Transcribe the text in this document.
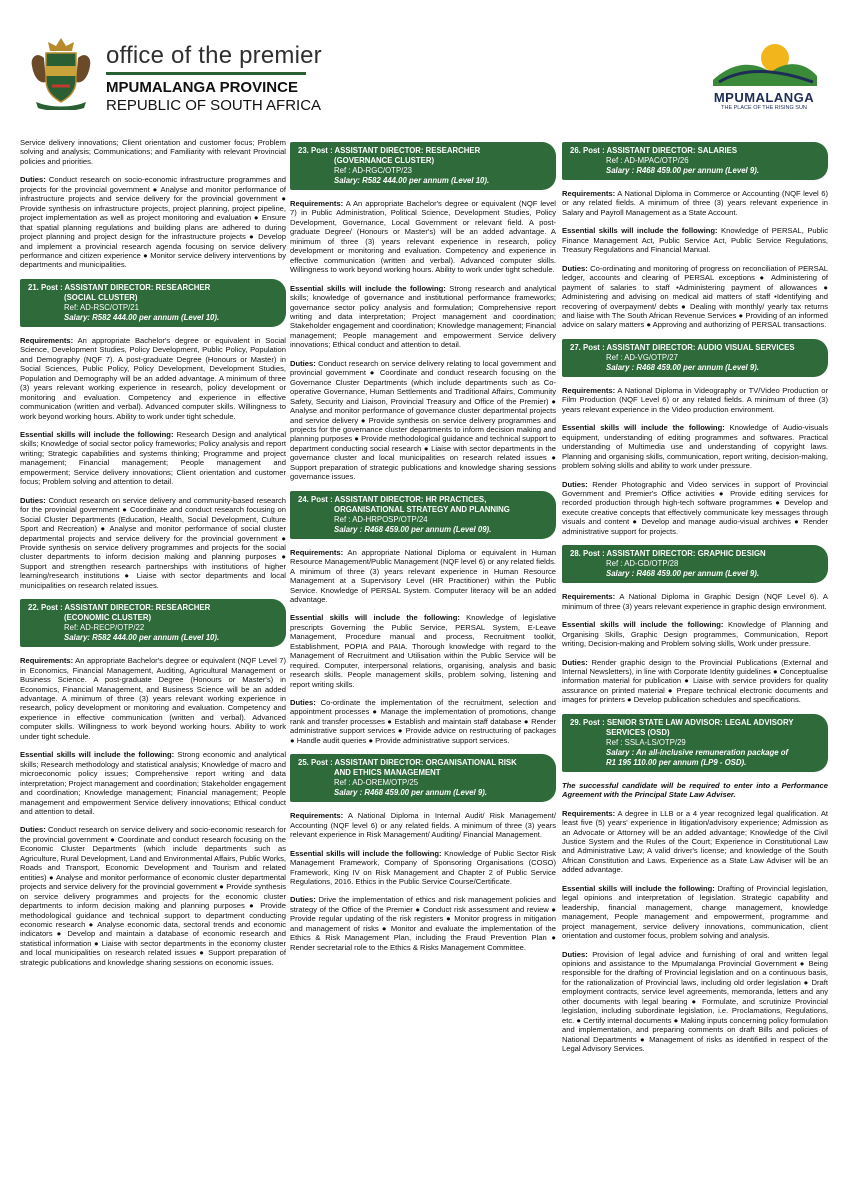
office of the premier
MPUMALANGA PROVINCE
REPUBLIC OF SOUTH AFRICA	MPUMALANGA
THE PLACE OF THE RISING SUN

Service delivery innovations; Client orientation and customer focus; Problem solving and analysis; Communications; and Familiarity with relevant Provincial policies and priorities.

Duties: Conduct research on socio-economic infrastructure programmes and projects for the provincial government ● Analyse and monitor performance of infrastructure projects and service delivery for the provincial government ● Provide synthesis on infrastructure projects, project planning, project pipeline, project implementation as well as project monitoring and evaluation ● Ensure that spatial planning regulations and building plans are adhered to during project planning and project design for the infrastructure projects ● Develop and implement a provincial research agenda focusing on service delivery performance and citizen experience ● Monitor service delivery interventions by departments and municipalities.

21. Post : ASSISTANT DIRECTOR: RESEARCHER
(SOCIAL CLUSTER)
Ref: AD-RSC/OTP/21
Salary: R582 444.00 per annum (Level 10).

Requirements: An appropriate Bachelor's degree or equivalent in Social Science, Development Studies, Policy Development, Public Policy, Population and Demography (NQF 7). A post-graduate Degree (Honours or Master) in Social Sciences, Public Policy, Policy Development, Development Studies, Population and Demography will be an added advantage. A minimum of three (3) years relevant working experience in research, policy development or monitoring and evaluation. Competency and experience in effective communication (written and verbal). Advanced computer skills. Willingness to work beyond working hours. Ability to work under tight schedule.

Essential skills will include the following: Research Design and analytical skills; Knowledge of social sector policy frameworks; Policy analysis and report writing; Strategic capabilities and systems thinking; Programme and project management; Financial management; People management and empowerment; Service delivery innovations; Client orientation and customer focus; Problem solving and attention to detail.

Duties: Conduct research on service delivery and community-based research for the provincial government ● Coordinate and conduct research focusing on Social Cluster Departments (Education, Health, Social Development, Culture Sport and Recreation) ● Analyse and monitor performance of social cluster departmental projects and service delivery for the provincial government ● Provide synthesis on service delivery programmes and projects for the social cluster departments to inform decision making and planning purposes ● Support and strengthen research partnerships with institutions of higher learning/research institutions ● Liaise with sector departments and local municipalities on research related issues.

22. Post : ASSISTANT DIRECTOR: RESEARCHER
(ECONOMIC CLUSTER)
Ref: AD-RECP/OTP/22
Salary: R582 444.00 per annum (Level 10).

Requirements: An appropriate Bachelor's degree or equivalent (NQF Level 7) in Economics, Financial Management, Auditing, Agricultural Management or Business Science. A post-graduate Degree (Honours or Master's) in Economics, Financial Management, and Business Science will be an added advantage. A minimum of three (3) years relevant working experience in research, policy development or monitoring and evaluation. Competency and experience in effective communication (written and verbal). Advanced computer skills. Willingness to work beyond working hours. Ability to work under tight schedule.

Essential skills will include the following: Strong economic and analytical skills; Research methodology and statistical analysis; Knowledge of macro and microeconomic policy issues; Comprehensive report writing and data interpretation; Project management and coordination; Stakeholder engagement and coordination; Knowledge management; Financial management; People management and empowerment Service delivery innovations; Ethical conduct and attention to detail.

Duties: Conduct research on service delivery and socio-economic research for the provincial government ● Coordinate and conduct research focusing on the Economic Cluster Departments (which include departments such as Agriculture, Rural Development, Land and Environmental Affairs, Public Works, Roads and Transport, Economic Development and Tourism and related entities) ● Analyse and monitor performance of economic cluster departmental projects and service delivery for the provincial government ● Provide synthesis on service delivery programmes and projects for the economic cluster departments to inform decision making and planning purposes ● Provide methodological guidance and technical support to department conducting economic research ● Analyse economic data, sectoral trends and economic indicators ● Develop and maintain a database of economic research and statistical information ● Liaise with sector departments in the economy cluster and local municipalities on research related issues ● Support preparation of strategic publications and knowledge sharing sessions on economic issues.

23. Post : ASSISTANT DIRECTOR: RESEARCHER
(GOVERNANCE CLUSTER)
Ref : AD-RGC/OTP/23
Salary: R582 444.00 per annum (Level 10).

Requirements: A An appropriate Bachelor's degree or equivalent (NQF level 7) in Public Administration, Political Science, Development Studies, Policy Development, Governance, Local Government or relevant field. A post-graduate Degree/ (Honours or Master's) will be an added advantage. A minimum of three (3) years relevant experience in research, policy development or monitoring and evaluation. Competency and experience in effective communication (written and verbal). Advanced computer skills. Willingness to work beyond working hours. Ability to work under tight schedule.

Essential skills will include the following: Strong research and analytical skills; knowledge of governance and institutional performance frameworks; governance sector policy analysis and formulation; Comprehensive report writing and data interpretation; Project management and coordination; Stakeholder engagement and coordination; Knowledge management; Financial management; People management and empowerment Service delivery innovations; Ethical conduct and attention to detail.

Duties: Conduct research on service delivery relating to local government and provincial government ● Coordinate and conduct research focusing on the Governance Cluster Departments (which include departments such as Co-operative Governance, Human Settlements and Traditional Affairs, Community Safety, Security and Liaison, Provincial Treasury and Office of the Premier) ● Analyse and monitor performance of governance cluster departmental projects and service delivery ● Provide synthesis on service delivery programmes and projects for the governance cluster departments to inform decision making and planning purposes ● Provide methodological guidance and technical support to department conducting social research ● Liaise with sector departments in the governance cluster and local municipalities on research related issues ● Support preparation of strategic publications and knowledge sharing sessions governance issues.

24. Post : ASSISTANT DIRECTOR: HR PRACTICES,
ORGANISATIONAL STRATEGY AND PLANNING
Ref : AD-HRPOSP/OTP/24
Salary : R468 459.00 per annum (Level 09).

Requirements: An appropriate National Diploma or equivalent in Human Resource Management/Public Management (NQF level 6) or any related fields. A minimum of three (3) years relevant experience in Human Resource Management at a Supervisory Level (HR Practitioner) within the Public Service. Knowledge of PERSAL System. Computer literacy will be an added advantage.

Essential skills will include the following: Knowledge of legislative prescripts Governing the Public Service, PERSAL System, E-Leave Management, Procedure manual and process, Recruitment toolkit, Establishment, POPIA and PAIA. Thorough knowledge with regard to the Management of Recruitment and Utilisation within the Public Service will be required. Computer, interpersonal relations, organising, analysis and basic research skills. People management skills, problem solving, listening and report writing skills.

Duties: Co-ordinate the implementation of the recruitment, selection and appointment processes ● Manage the implementation of promotions, change rank and transfer processes ● Establish and maintain staff database ● Render administrative support services ● Provide advice on restructuring of packages ● Handle audit queries ● Provide administrative support services.

25. Post : ASSISTANT DIRECTOR: ORGANISATIONAL RISK
AND ETHICS MANAGEMENT
Ref : AD-OREM/OTP/25
Salary : R468 459.00 per annum (Level 9).

Requirements: A National Diploma in Internal Audit/ Risk Management/ Accounting (NQF level 6) or any related fields. A minimum of three (3) years relevant experience in Risk Management/ Auditing/ Financial Management.

Essential skills will include the following: Knowledge of Public Sector Risk Management Framework, Company of Sponsoring Organisations (COSO) Framework, King IV on Risk Management and Chapter 2 of Public Service Regulations, 2016. Ethics in the Public Service Course/Certificate.

Duties: Drive the implementation of ethics and risk management policies and strategy of the Office of the Premier ● Conduct risk assessment and review ● Provide regular updating of the risk registers ● Monitor progress in mitigation and management of risks ● Monitor and evaluate the implementation of the Ethics & Risk Management Plan, including the Fraud Prevention Plan ● Render secretarial role to the Ethics & Risks Management Committee.

26. Post : ASSISTANT DIRECTOR: SALARIES
Ref : AD-MPAC/OTP/26
Salary : R468 459.00 per annum (Level 9).

Requirements: A National Diploma in Commerce or Accounting (NQF level 6) or any related fields. A minimum of three (3) years relevant experience in Salary and Payroll Management as a State Account.

Essential skills will include the following: Knowledge of PERSAL, Public Finance Management Act, Public Service Act, Public Service Regulations, Treasury Regulations and Financial Manual.

Duties: Co-ordinating and monitoring of progress on reconciliation of PERSAL ledger, accounts and clearing of PERSAL exceptions ● Administering of payment of salaries to staff •Administering payment of allowances ● Administering and advising on medical aid matters of staff •Identifying and recovering of overpayment/ debts ● Dealing with monthly/ yearly tax returns and liaise with The South African Revenue Services ● Providing of an informed advice on salary matters ● Approving and authorizing of PERSAL transactions.

27. Post : ASSISTANT DIRECTOR: AUDIO VISUAL SERVICES
Ref : AD-VG/OTP/27
Salary : R468 459.00 per annum (Level 9).

Requirements: A National Diploma in Videography or TV/Video Production or Film Production (NQF Level 6) or any related fields. A minimum of three (3) years relevant experience in the Video production environment.

Essential skills will include the following: Knowledge of Audio-visuals equipment, understanding of editing programmes and softwares. Practical understanding of Multimedia use and understanding of copyright laws. Planning and organising skills, communication, report writing, decision-making, problem solving skills and ability to work under pressure.

Duties: Render Photographic and Video services in support of Provincial Government and Premier's Office activities ● Provide editing services for recorded production through high-tech software programmes ● Develop and execute creative concepts that effectively communicate key messages through visuals and content ● Develop and manage audio-visual archives ● Render administrative support for projects.

28. Post : ASSISTANT DIRECTOR: GRAPHIC DESIGN
Ref : AD-GD/OTP/28
Salary : R468 459.00 per annum (Level 9).

Requirements: A National Diploma in Graphic Design (NQF Level 6). A minimum of three (3) years relevant experience in graphic design environment.

Essential skills will include the following: Knowledge of Planning and Organising Skills, Graphic Design programmes, Communication, Report writing, Decision-making and Problem solving skills, Work under pressure.

Duties: Render graphic design to the Provincial Publications (External and Internal Newsletters), in line with Corporate Identity guidelines ● Conceptualise information material for publication ● Liaise with service providers for quality assurance on printed material ● Prepare technical electronic documents and images for printers ● Develop publication schedules and specifications.

29. Post : SENIOR STATE LAW ADVISOR: LEGAL ADVISORY
SERVICES (OSD)
Ref : SSLA-LS/OTP/29
Salary : An all-inclusive remuneration package of
R1 195 110.00 per annum (LP9 - OSD).

The successful candidate will be required to enter into a Performance Agreement with the Principal State Law Adviser.

Requirements: A degree in LLB or a 4 year recognized legal qualification. At least five (5) years' experience in litigation/advisory experience; Admission as an Advocate or Attorney will be an added advantage; Knowledge of the Civil Justice System and the Rules of the Court; Experience in Constitutional Law and Administrative Law; A valid driver's license; and knowledge of the South African Constitution and Laws. Experience as a State Law Adviser will be an added advantage.

Essential skills will include the following: Drafting of Provincial legislation, legal opinions and interpretation of legislation. Strategic capability and leadership, financial management, change management, knowledge management, People management and empowerment, programme and project management, service delivery innovations, communication, client orientation and customer focus, problem solving and analysis.

Duties: Provision of legal advice and furnishing of oral and written legal opinions and assistance to the Mpumalanga Provincial Government ● Being responsible for the drafting of Provincial legislation and on a continuous basis, for the rationalization of Provincial laws, including old order legislation ● Draft employment contracts, service level agreements, memoranda, letters and any other documents with legal bearing ● Formulate, and scrutinize Provincial legislation, including subordinate legislation, i.e. Proclamations, Regulations, etc. ● Certify internal documents ● Making inputs concerning policy formulation and implementation, and preparing comments on draft Bills and policies of National Departments ● Management of risks as identified in respect of the Legal Advisory Services.
